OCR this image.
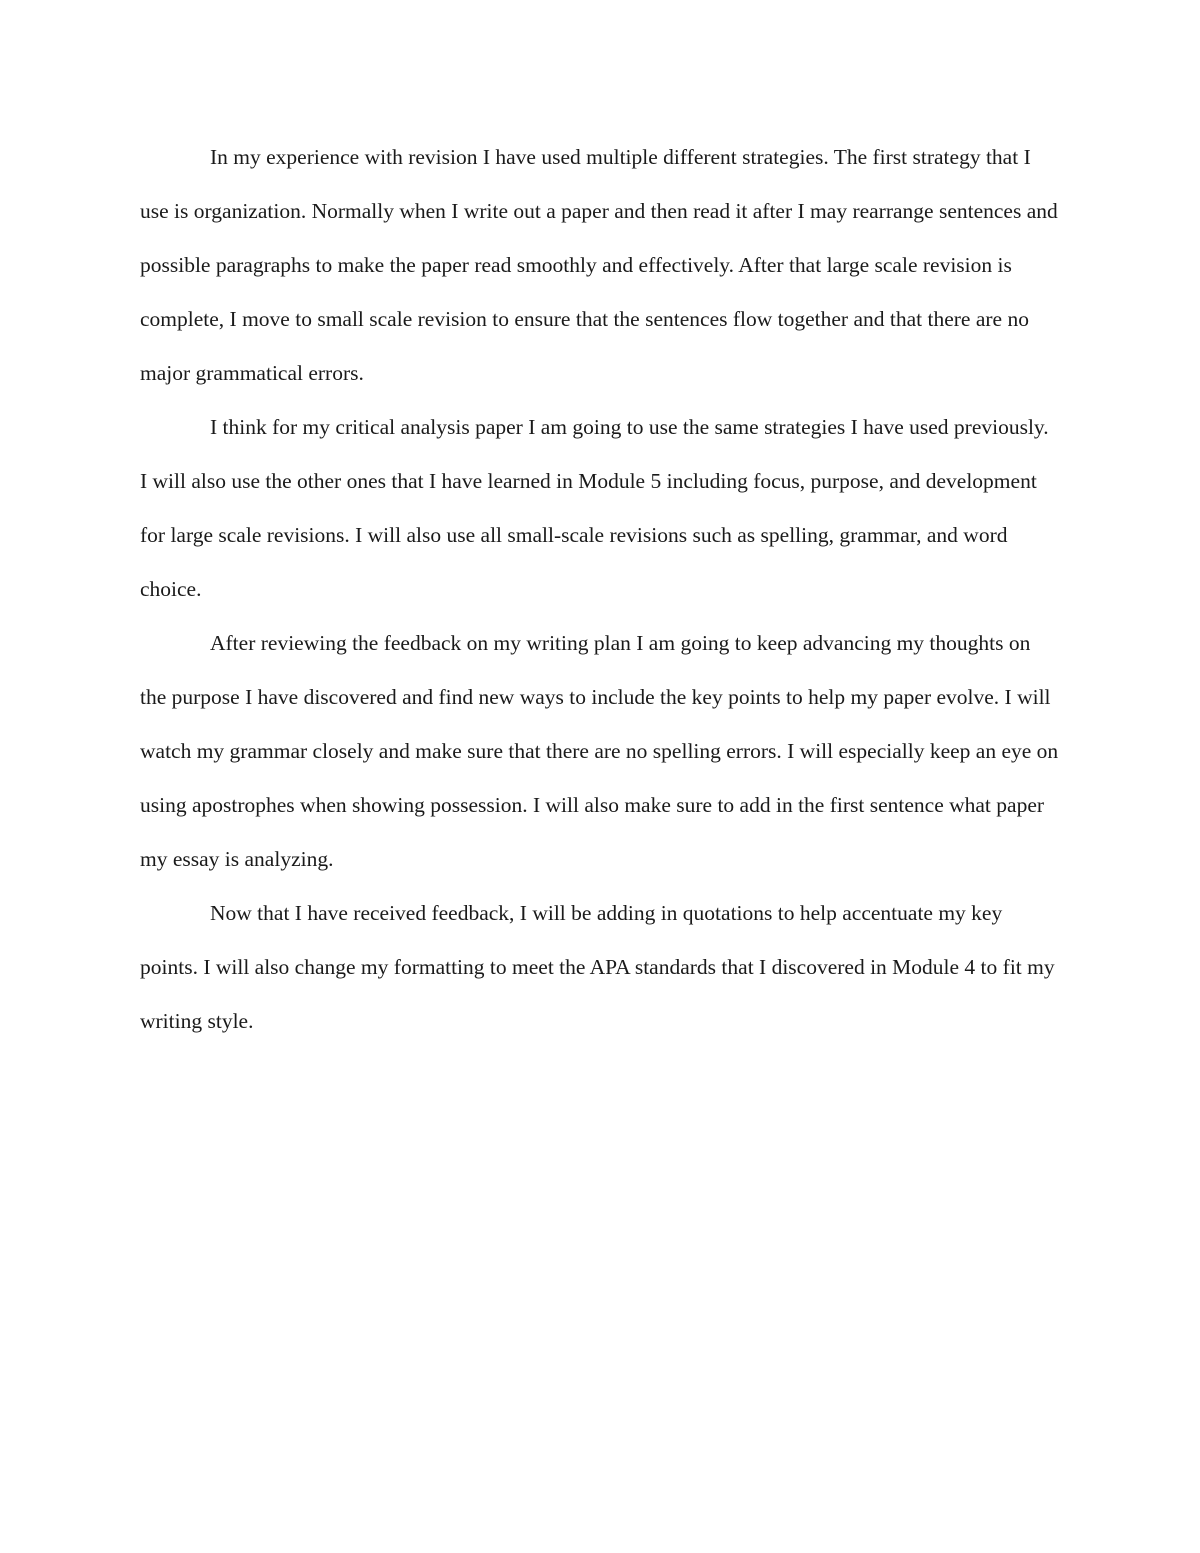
In my experience with revision I have used multiple different strategies. The first strategy that I use is organization. Normally when I write out a paper and then read it after I may rearrange sentences and possible paragraphs to make the paper read smoothly and effectively. After that large scale revision is complete, I move to small scale revision to ensure that the sentences flow together and that there are no major grammatical errors.

I think for my critical analysis paper I am going to use the same strategies I have used previously. I will also use the other ones that I have learned in Module 5 including focus, purpose, and development for large scale revisions. I will also use all small-scale revisions such as spelling, grammar, and word choice.

After reviewing the feedback on my writing plan I am going to keep advancing my thoughts on the purpose I have discovered and find new ways to include the key points to help my paper evolve. I will watch my grammar closely and make sure that there are no spelling errors. I will especially keep an eye on using apostrophes when showing possession. I will also make sure to add in the first sentence what paper my essay is analyzing.

Now that I have received feedback, I will be adding in quotations to help accentuate my key points. I will also change my formatting to meet the APA standards that I discovered in Module 4 to fit my writing style.
